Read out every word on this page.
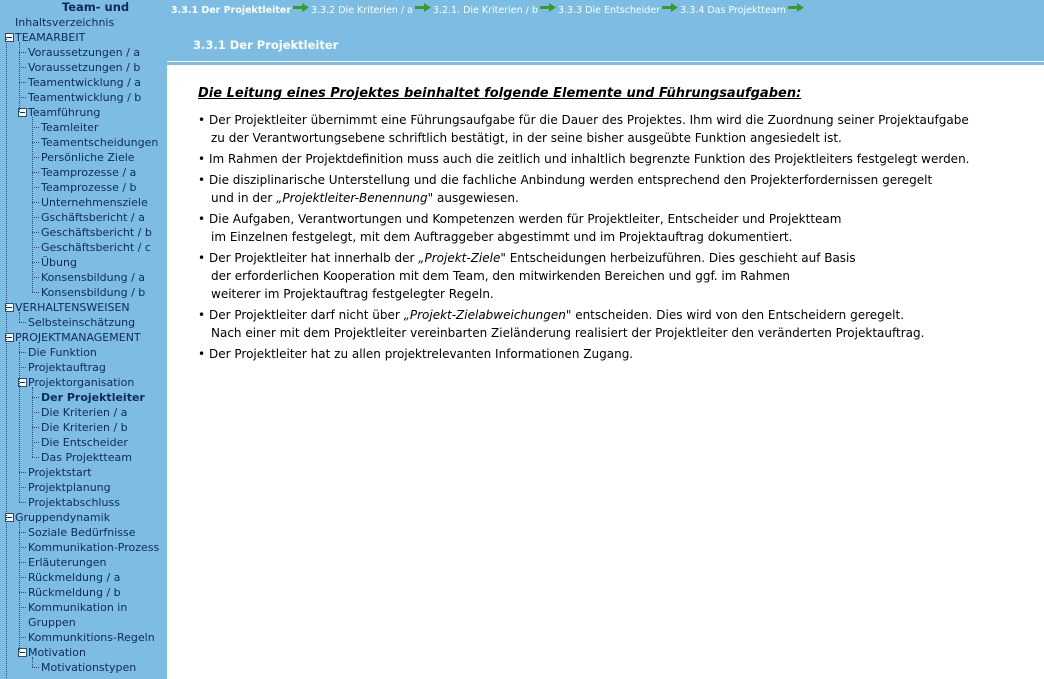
Team- und
Inhaltsverzeichnis
TEAMARBEIT
Voraussetzungen / a
Voraussetzungen / b
Teamentwicklung / a
Teamentwicklung / b
Teamführung
Teamleiter
Teamentscheidungen
Persönliche Ziele
Teamprozesse / a
Teamprozesse / b
Unternehmensziele
Gschäftsbericht / a
Geschäftsbericht / b
Geschäftsbericht / c
Übung
Konsensbildung / a
Konsensbildung / b
VERHALTENSWEISEN
Selbsteinschätzung
PROJEKTMANAGEMENT
Die Funktion
Projektauftrag
Projektorganisation
Der Projektleiter
Die Kriterien / a
Die Kriterien / b
Die Entscheider
Das Projektteam
Projektstart
Projektplanung
Projektabschluss
Gruppendynamik
Soziale Bedürfnisse
Kommunikation-Prozess
Erläuterungen
Rückmeldung / a
Rückmeldung / b
Kommunikation in
Gruppen
Kommunkitions-Regeln
Motivation
Motivationstypen
3.3.1 Der Projektleiter 3.3.2 Die Kriterien / a 3.2.1. Die Kriterien / b 3.3.3 Die Entscheider 3.3.4 Das Projektteam
3.3.1 Der Projektleiter

Die Leitung eines Projektes beinhaltet folgende Elemente und Führungsaufgaben:

• Der Projektleiter übernimmt eine Führungsaufgabe für die Dauer des Projektes. Ihm wird die Zuordnung seiner Projektaufgabe
zu der Verantwortungsebene schriftlich bestätigt, in der seine bisher ausgeübte Funktion angesiedelt ist.
• Im Rahmen der Projektdefinition muss auch die zeitlich und inhaltlich begrenzte Funktion des Projektleiters festgelegt werden.
• Die disziplinarische Unterstellung und die fachliche Anbindung werden entsprechend den Projekterfordernissen geregelt
und in der „Projektleiter-Benennung" ausgewiesen.
• Die Aufgaben, Verantwortungen und Kompetenzen werden für Projektleiter, Entscheider und Projektteam
im Einzelnen festgelegt, mit dem Auftraggeber abgestimmt und im Projektauftrag dokumentiert.
• Der Projektleiter hat innerhalb der „Projekt-Ziele" Entscheidungen herbeizuführen. Dies geschieht auf Basis
der erforderlichen Kooperation mit dem Team, den mitwirkenden Bereichen und ggf. im Rahmen
weiterer im Projektauftrag festgelegter Regeln.
• Der Projektleiter darf nicht über „Projekt-Zielabweichungen" entscheiden. Dies wird von den Entscheidern geregelt.
Nach einer mit dem Projektleiter vereinbarten Zieländerung realisiert der Projektleiter den veränderten Projektauftrag.
• Der Projektleiter hat zu allen projektrelevanten Informationen Zugang.
